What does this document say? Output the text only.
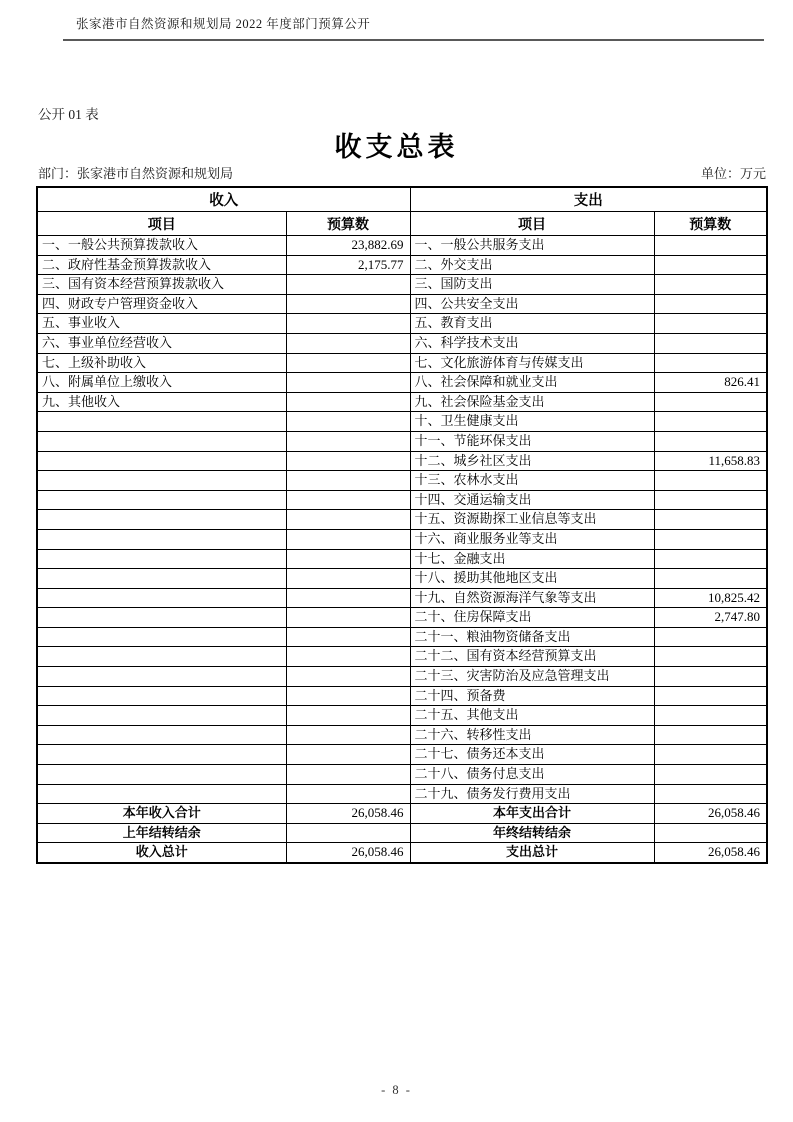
张家港市自然资源和规划局 2022 年度部门预算公开
公开 01 表
收支总表
部门：张家港市自然资源和规划局	单位：万元
收入		支出	
项目	预算数	项目	预算数
一、一般公共预算拨款收入	23,882.69	一、一般公共服务支出	
二、政府性基金预算拨款收入	2,175.77	二、外交支出	
三、国有资本经营预算拨款收入		三、国防支出	
四、财政专户管理资金收入		四、公共安全支出	
五、事业收入		五、教育支出	
六、事业单位经营收入		六、科学技术支出	
七、上级补助收入		七、文化旅游体育与传媒支出	
八、附属单位上缴收入		八、社会保障和就业支出	826.41
九、其他收入		九、社会保险基金支出	
		十、卫生健康支出	
		十一、节能环保支出	
		十二、城乡社区支出	11,658.83
		十三、农林水支出	
		十四、交通运输支出	
		十五、资源勘探工业信息等支出	
		十六、商业服务业等支出	
		十七、金融支出	
		十八、援助其他地区支出	
		十九、自然资源海洋气象等支出	10,825.42
		二十、住房保障支出	2,747.80
		二十一、粮油物资储备支出	
		二十二、国有资本经营预算支出	
		二十三、灾害防治及应急管理支出	
		二十四、预备费	
		二十五、其他支出	
		二十六、转移性支出	
		二十七、债务还本支出	
		二十八、债务付息支出	
		二十九、债务发行费用支出	
本年收入合计	26,058.46	本年支出合计	26,058.46
上年结转结余		年终结转结余	
收入总计	26,058.46	支出总计	26,058.46
- 8 -
